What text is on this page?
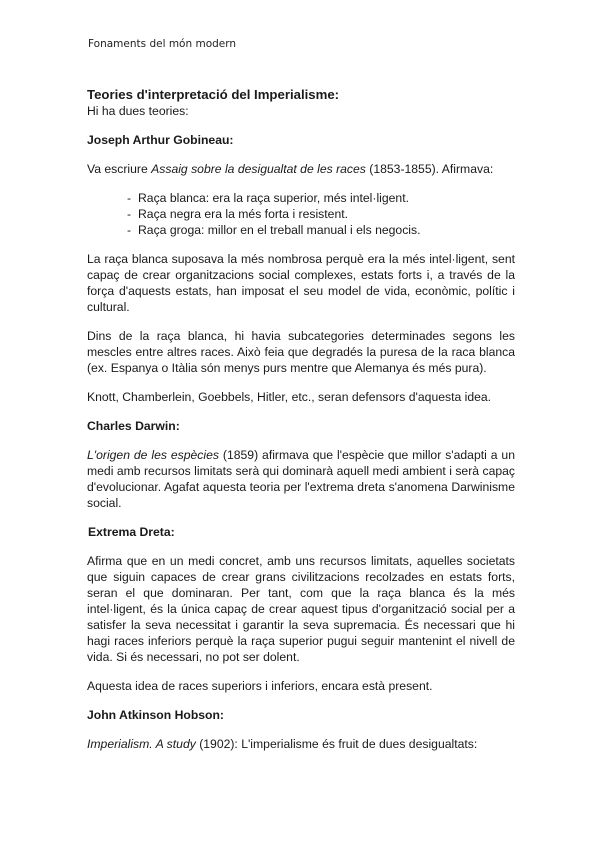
Fonaments del món modern
Teories d'interpretació del Imperialisme:

Hi ha dues teories:

Joseph Arthur Gobineau:

Va escriure Assaig sobre la desigualtat de les races (1853-1855). Afirmava:

- Raça blanca: era la raça superior, més intel·ligent.
- Raça negra era la més forta i resistent.
- Raça groga: millor en el treball manual i els negocis.

La raça blanca suposava la més nombrosa perquè era la més intel·ligent, sent capaç de crear organitzacions social complexes, estats forts i, a través de la força d'aquests estats, han imposat el seu model de vida, econòmic, polític i cultural.

Dins de la raça blanca, hi havia subcategories determinades segons les mescles entre altres races. Això feia que degradés la puresa de la raca blanca (ex. Espanya o Itàlia són menys purs mentre que Alemanya és més pura).

Knott, Chamberlein, Goebbels, Hitler, etc., seran defensors d'aquesta idea.

Charles Darwin:

L'origen de les espècies (1859) afirmava que l'espècie que millor s'adapti a un medi amb recursos limitats serà qui dominarà aquell medi ambient i serà capaç d'evolucionar. Agafat aquesta teoria per l'extrema dreta s'anomena Darwinisme social.

Extrema Dreta:

Afirma que en un medi concret, amb uns recursos limitats, aquelles societats que siguin capaces de crear grans civilitzacions recolzades en estats forts, seran el que dominaran. Per tant, com que la raça blanca és la més intel·ligent, és la única capaç de crear aquest tipus d'organització social per a satisfer la seva necessitat i garantir la seva supremacia. És necessari que hi hagi races inferiors perquè la raça superior pugui seguir mantenint el nivell de vida. Si és necessari, no pot ser dolent.

Aquesta idea de races superiors i inferiors, encara està present.

John Atkinson Hobson:

Imperialism. A study (1902): L'imperialisme és fruit de dues desigualtats:
